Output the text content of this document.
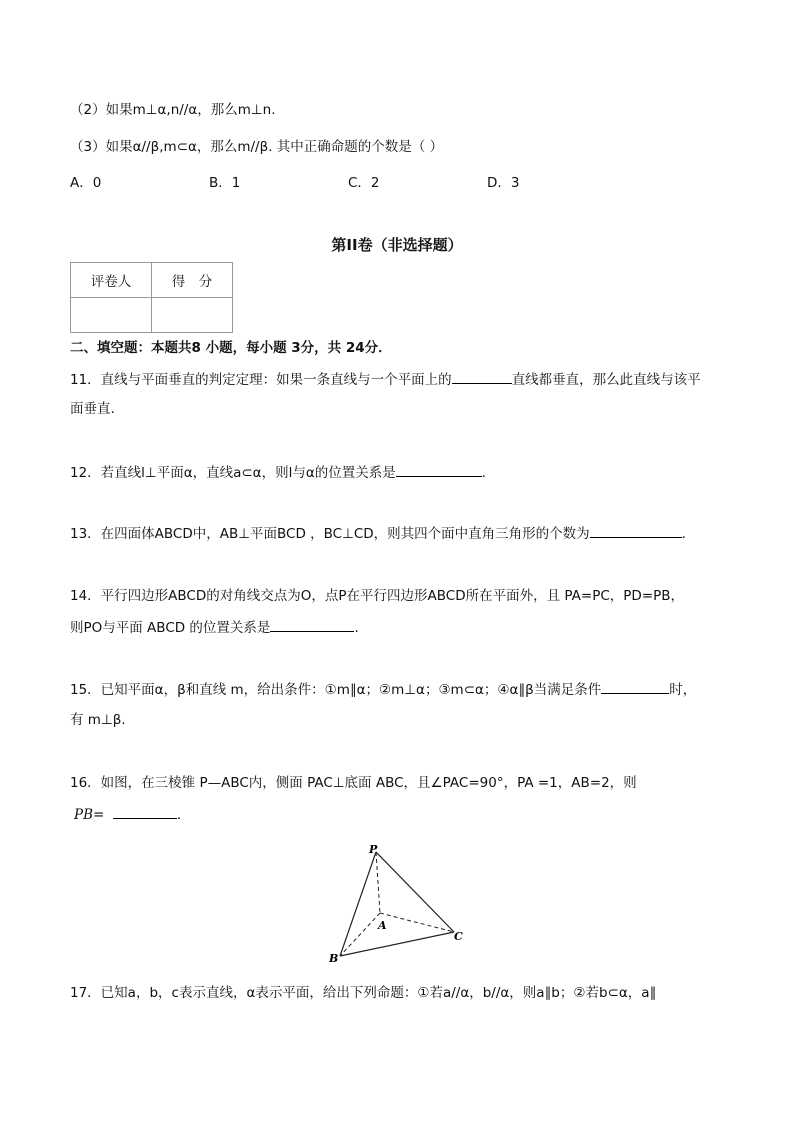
（2）如果m⊥α,n//α，那么m⊥n.
（3）如果α//β,m⊂α，那么m//β. 其中正确命题的个数是（ ）
A．0	B．1	C．2	D．3
第II卷（非选择题）
评卷人	得　分

二、填空题：本题共8 小题，每小题 3分，共 24分．
11．直线与平面垂直的判定定理：如果一条直线与一个平面上的	直线都垂直，那么此直线与该平
面垂直.
12．若直线l⊥平面α，直线a⊂α，则l与α的位置关系是	.
13．在四面体ABCD中，AB⊥平面BCD ，BC⊥CD，则其四个面中直角三角形的个数为	.
14．平行四边形ABCD的对角线交点为O，点P在平行四边形ABCD所在平面外，且 PA=PC，PD=PB，
则PO与平面 ABCD 的位置关系是	.
15．已知平面α，β和直线 m，给出条件：①m∥α；②m⊥α；③m⊂α；④α∥β当满足条件	时，
有 m⊥β.
16．如图，在三棱锥 P—ABC内，侧面 PAC⊥底面 ABC，且∠PAC=90°，PA =1，AB=2，则
PB=	.
P
A
B
C
17．已知a，b，c表示直线，α表示平面，给出下列命题：①若a//α，b//α，则a∥b；②若b⊂α，a∥
